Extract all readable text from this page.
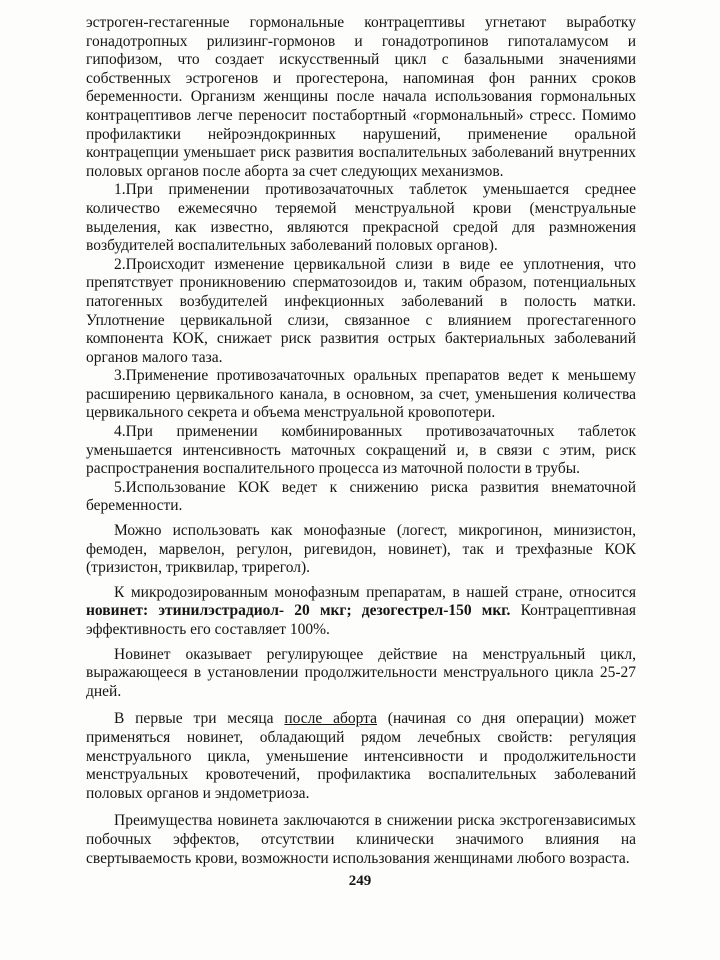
эстроген-гестагенные гормональные контрацептивы угнетают выработку гонадотропных рилизинг-гормонов и гонадотропинов гипоталамусом и гипофизом, что создает искусственный цикл с базальными значениями собственных эстрогенов и прогестерона, напоминая фон ранних сроков беременности. Организм женщины после начала использования гормональных контрацептивов легче переносит постабортный «гормональный» стресс. Помимо профилактики нейроэндокринных нарушений, применение оральной контрацепции уменьшает риск развития воспалительных заболеваний внутренних половых органов после аборта за счет следующих механизмов.

1.При применении противозачаточных таблеток уменьшается среднее количество ежемесячно теряемой менструальной крови (менструальные выделения, как известно, являются прекрасной средой для размножения возбудителей воспалительных заболеваний половых органов).

2.Происходит изменение цервикальной слизи в виде ее уплотнения, что препятствует проникновению сперматозоидов и, таким образом, потенциальных патогенных возбудителей инфекционных заболеваний в полость матки. Уплотнение цервикальной слизи, связанное с влиянием прогестагенного компонента КОК, снижает риск развития острых бактериальных заболеваний органов малого таза.

3.Применение противозачаточных оральных препаратов ведет к меньшему расширению цервикального канала, в основном, за счет, уменьшения количества цервикального секрета и объема менструальной кровопотери.

4.При применении комбинированных противозачаточных таблеток уменьшается интенсивность маточных сокращений и, в связи с этим, риск распространения воспалительного процесса из маточной полости в трубы.

5.Использование КОК ведет к снижению риска развития внематочной беременности.

Можно использовать как монофазные (логест, микрогинон, минизистон, фемоден, марвелон, регулон, ригевидон, новинет), так и трехфазные КОК (тризистон, триквилар, трирегол).

К микродозированным монофазным препаратам, в нашей стране, относится новинет: этинилэстрадиол- 20 мкг; дезогестрел-150 мкг. Контрацептивная эффективность его составляет 100%.

Новинет оказывает регулирующее действие на менструальный цикл, выражающееся в установлении продолжительности менструального цикла 25-27 дней.

В первые три месяца после аборта (начиная со дня операции) может применяться новинет, обладающий рядом лечебных свойств: регуляция менструального цикла, уменьшение интенсивности и продолжительности менструальных кровотечений, профилактика воспалительных заболеваний половых органов и эндометриоза.

Преимущества новинета заключаются в снижении риска экстрогензависимых побочных эффектов, отсутствии клинически значимого влияния на свертываемость крови, возможности использования женщинами любого возраста.

249
